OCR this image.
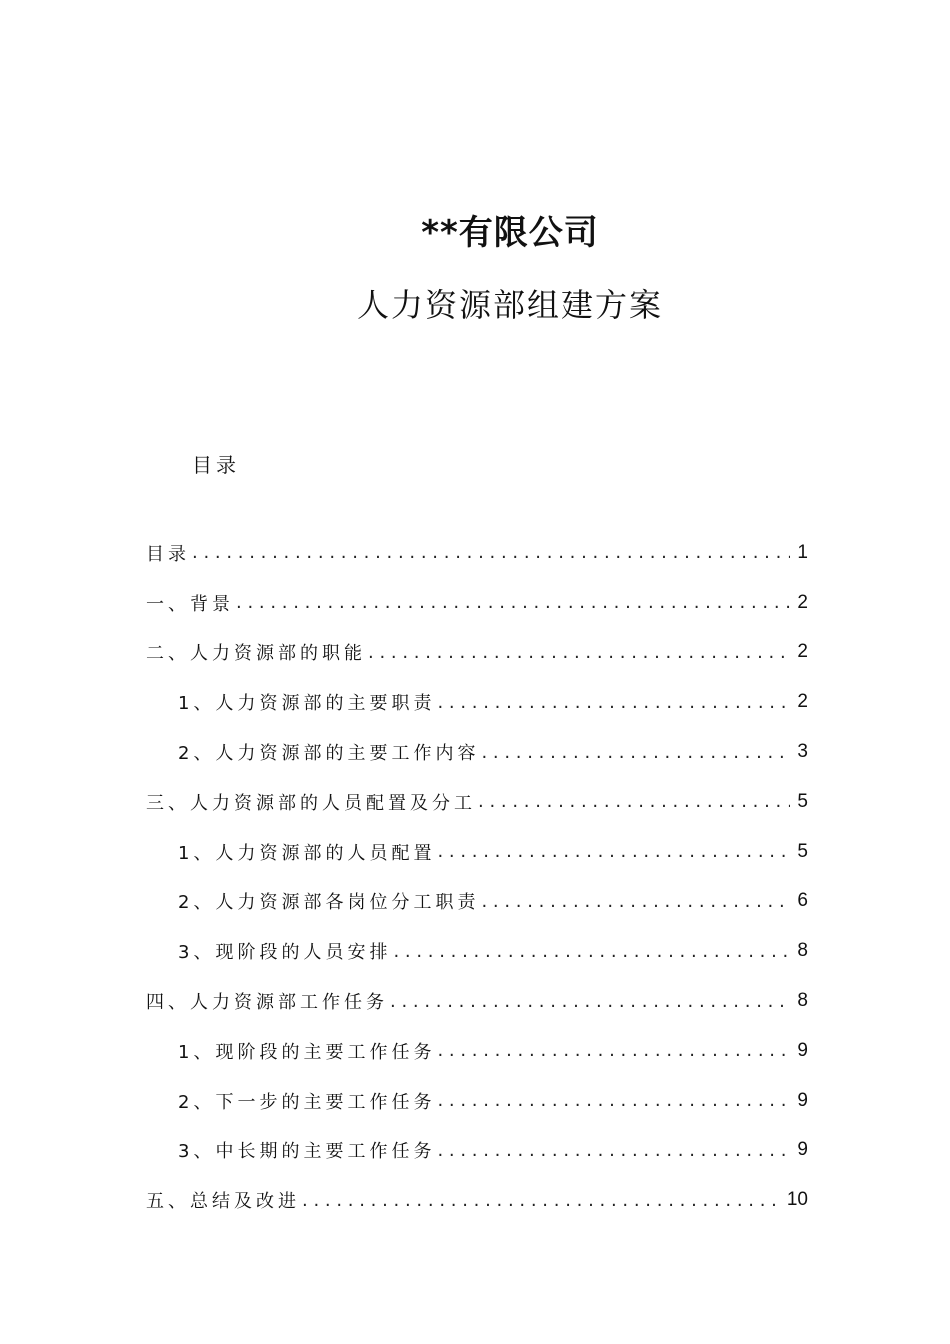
**有限公司
人力资源部组建方案
目录
目录 . . .	1
一、背景 . . .	2
二、人力资源部的职能 . . .	2
1、人力资源部的主要职责 . . .	2
2、人力资源部的主要工作内容 . . .	3
三、人力资源部的人员配置及分工 . . .	5
1、人力资源部的人员配置 . . .	5
2、人力资源部各岗位分工职责 . . .	6
3、现阶段的人员安排 . . .	8
四、人力资源部工作任务 . . .	8
1、现阶段的主要工作任务 . . .	9
2、下一步的主要工作任务 . . .	9
3、中长期的主要工作任务 . . .	9
五、总结及改进 . . .	10
